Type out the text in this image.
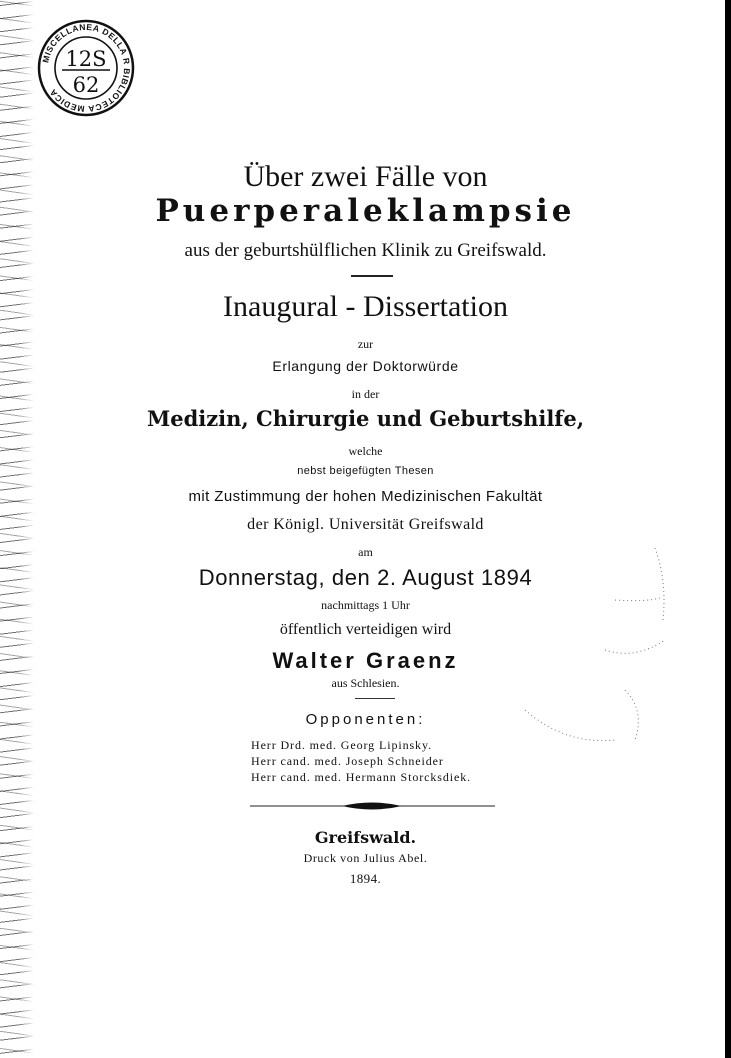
MISCELLANEA DELLA R BIBLIOTECA MEDICA
12S
62
Über zwei Fälle von
Puerperaleklampsie
aus der geburtshülflichen Klinik zu Greifswald.
Inaugural - Dissertation
zur
Erlangung der Doktorwürde
in der
Medizin, Chirurgie und Geburtshilfe,
welche
nebst beigefügten Thesen
mit Zustimmung der hohen Medizinischen Fakultät
der Königl. Universität Greifswald
am
Donnerstag, den 2. August 1894
nachmittags 1 Uhr
öffentlich verteidigen wird
Walter Graenz
aus Schlesien.
Opponenten:
Herr Drd. med. Georg Lipinsky.
Herr cand. med. Joseph Schneider
Herr cand. med. Hermann Storcksdiek.
Greifswald.
Druck von Julius Abel.
1894.
